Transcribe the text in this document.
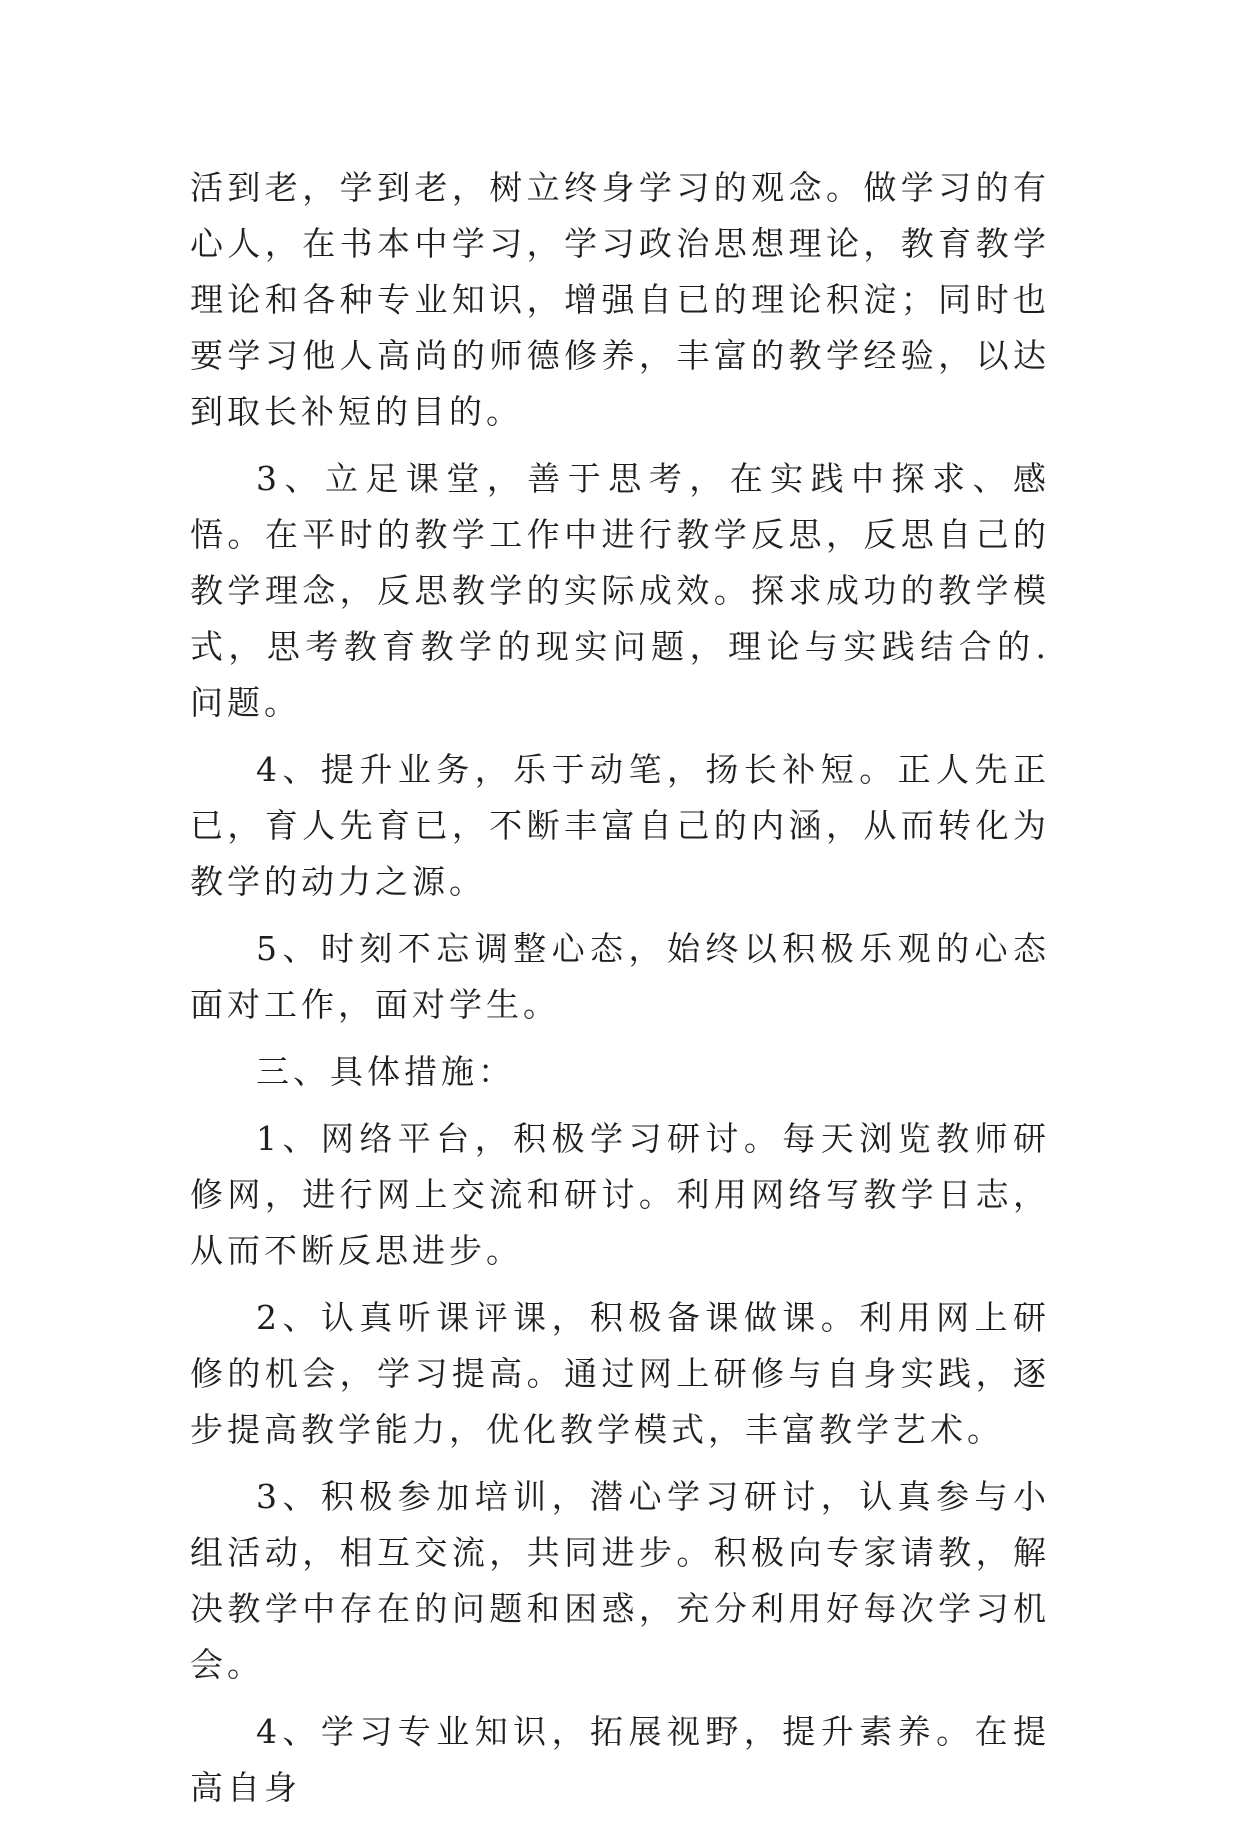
活到老，学到老，树立终身学习的观念。做学习的有心人，在书本中学习，学习政治思想理论，教育教学理论和各种专业知识，增强自已的理论积淀；同时也要学习他人高尚的师德修养，丰富的教学经验，以达到取长补短的目的。

3、立足课堂，善于思考，在实践中探求、感悟。在平时的教学工作中进行教学反思，反思自己的教学理念，反思教学的实际成效。探求成功的教学模式，思考教育教学的现实问题，理论与实践结合的.问题。

4、提升业务，乐于动笔，扬长补短。正人先正已，育人先育已，不断丰富自己的内涵，从而转化为教学的动力之源。

5、时刻不忘调整心态，始终以积极乐观的心态面对工作，面对学生。

三、具体措施：

1、网络平台，积极学习研讨。每天浏览教师研修网，进行网上交流和研讨。利用网络写教学日志，从而不断反思进步。

2、认真听课评课，积极备课做课。利用网上研修的机会，学习提高。通过网上研修与自身实践，逐步提高教学能力，优化教学模式，丰富教学艺术。

3、积极参加培训，潜心学习研讨，认真参与小组活动，相互交流，共同进步。积极向专家请教，解决教学中存在的问题和困惑，充分利用好每次学习机会。

4、学习专业知识，拓展视野，提升素养。在提高自身
